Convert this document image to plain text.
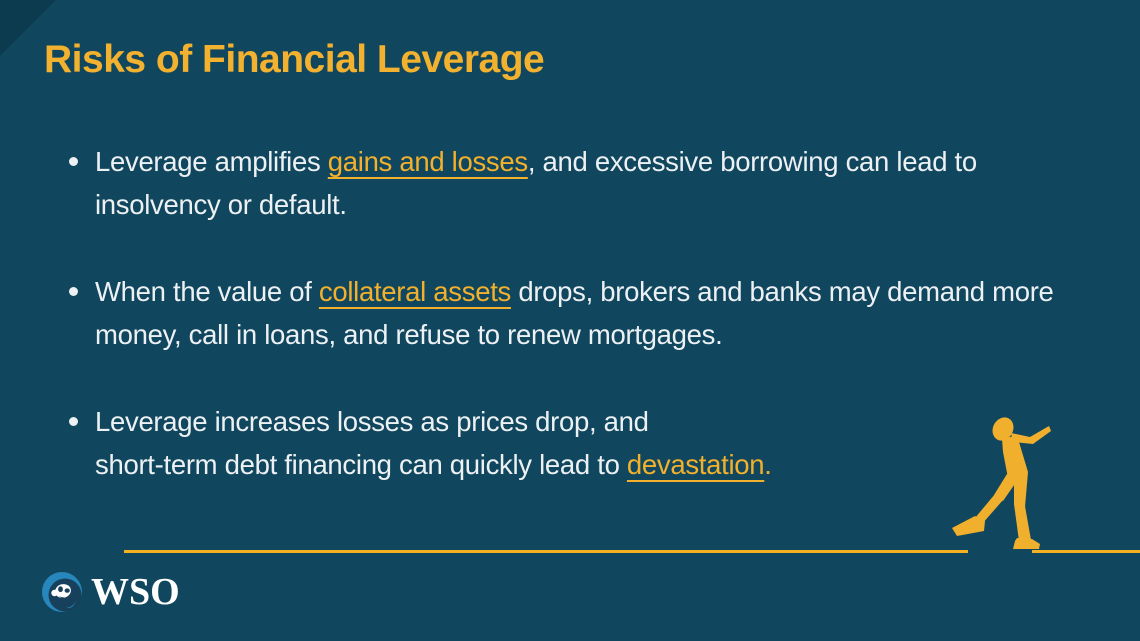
Risks of Financial Leverage
Leverage amplifies gains and losses, and excessive borrowing can lead to insolvency or default.
When the value of collateral assets drops, brokers and banks may demand more money, call in loans, and refuse to renew mortgages.
Leverage increases losses as prices drop, and
short-term debt financing can quickly lead to devastation.
WSO
